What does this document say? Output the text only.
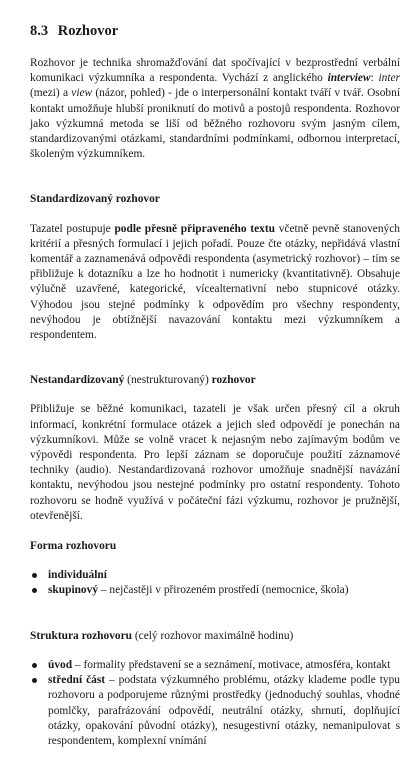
8.3 Rozhovor

Rozhovor je technika shromažďování dat spočívající v bezprostřední verbální komunikaci výzkumníka a respondenta. Vychází z anglického interview: inter (mezi) a view (názor, pohled) - jde o interpersonální kontakt tváří v tvář. Osobní kontakt umožňuje hlubší proniknutí do motivů a postojů respondenta. Rozhovor jako výzkumná metoda se liší od běžného rozhovoru svým jasným cílem, standardizovanými otázkami, standardními podmínkami, odbornou interpretací, školeným výzkumníkem.

Standardizovaný rozhovor

Tazatel postupuje podle přesně připraveného textu včetně pevně stanovených kritérií a přesných formulací i jejich pořadí. Pouze čte otázky, nepřidává vlastní komentář a zaznamenává odpovědi respondenta (asymetrický rozhovor) – tím se přibližuje k dotazníku a lze ho hodnotit i numericky (kvantitativně). Obsahuje výlučně uzavřené, kategorické, vícealternativní nebo stupnicové otázky. Výhodou jsou stejné podmínky k odpovědím pro všechny respondenty, nevýhodou je obtížnější navazování kontaktu mezi výzkumníkem a respondentem.

Nestandardizovaný (nestrukturovaný) rozhovor

Přibližuje se běžné komunikaci, tazateli je však určen přesný cíl a okruh informací, konkrétní formulace otázek a jejich sled odpovědí je ponechán na výzkumníkovi. Může se volně vracet k nejasným nebo zajímavým bodům ve výpovědi respondenta. Pro lepší záznam se doporučuje použití záznamové techniky (audio). Nestandardizovaná rozhovor umožňuje snadnější navázání kontaktu, nevýhodou jsou nestejné podmínky pro ostatní respondenty. Tohoto rozhovoru se hodně využívá v počáteční fázi výzkumu, rozhovor je pružnější, otevřenější.

Forma rozhovoru

individuální
skupinový – nejčastěji v přirozeném prostředí (nemocnice, škola)

Struktura rozhovoru (celý rozhovor maximálně hodinu)

úvod – formality představení se a seznámení, motivace, atmosféra, kontakt
střední část – podstata výzkumného problému, otázky klademe podle typu rozhovoru a podporujeme různými prostředky (jednoduchý souhlas, vhodné pomlčky, parafrázování odpovědí, neutrální otázky, shrnutí, doplňující otázky, opakování původní otázky), nesugestivní otázky, nemanipulovat s respondentem, komplexní vnímání
